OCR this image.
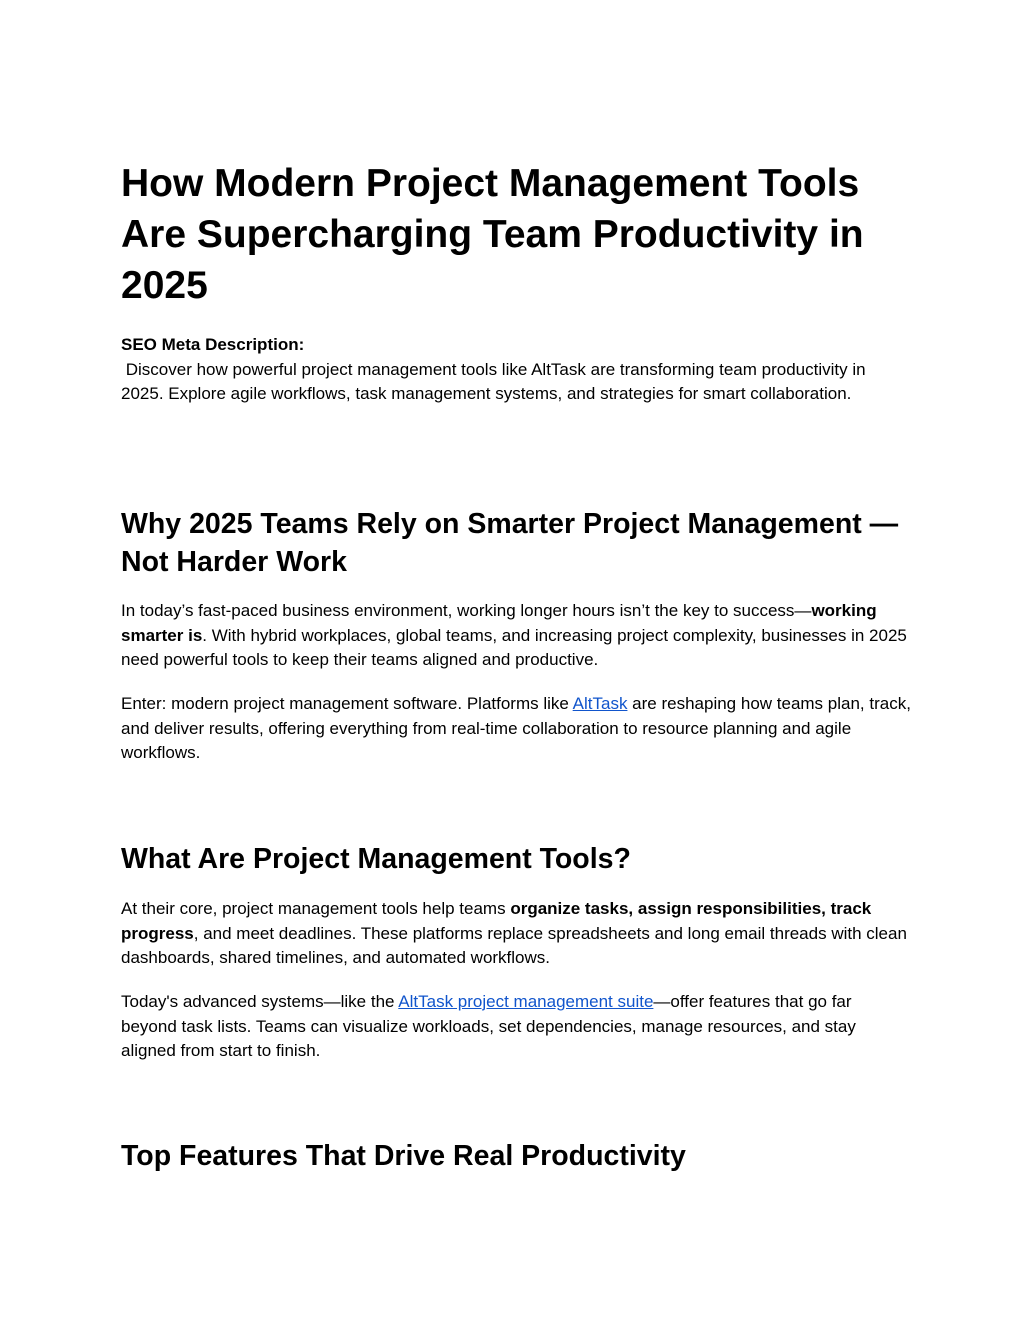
How Modern Project Management Tools Are Supercharging Team Productivity in 2025

SEO Meta Description:
Discover how powerful project management tools like AltTask are transforming team productivity in 2025. Explore agile workflows, task management systems, and strategies for smart collaboration.

Why 2025 Teams Rely on Smarter Project Management — Not Harder Work

In today’s fast-paced business environment, working longer hours isn’t the key to success—working smarter is. With hybrid workplaces, global teams, and increasing project complexity, businesses in 2025 need powerful tools to keep their teams aligned and productive.

Enter: modern project management software. Platforms like AltTask are reshaping how teams plan, track, and deliver results, offering everything from real-time collaboration to resource planning and agile workflows.

What Are Project Management Tools?

At their core, project management tools help teams organize tasks, assign responsibilities, track progress, and meet deadlines. These platforms replace spreadsheets and long email threads with clean dashboards, shared timelines, and automated workflows.

Today's advanced systems—like the AltTask project management suite—offer features that go far beyond task lists. Teams can visualize workloads, set dependencies, manage resources, and stay aligned from start to finish.

Top Features That Drive Real Productivity
